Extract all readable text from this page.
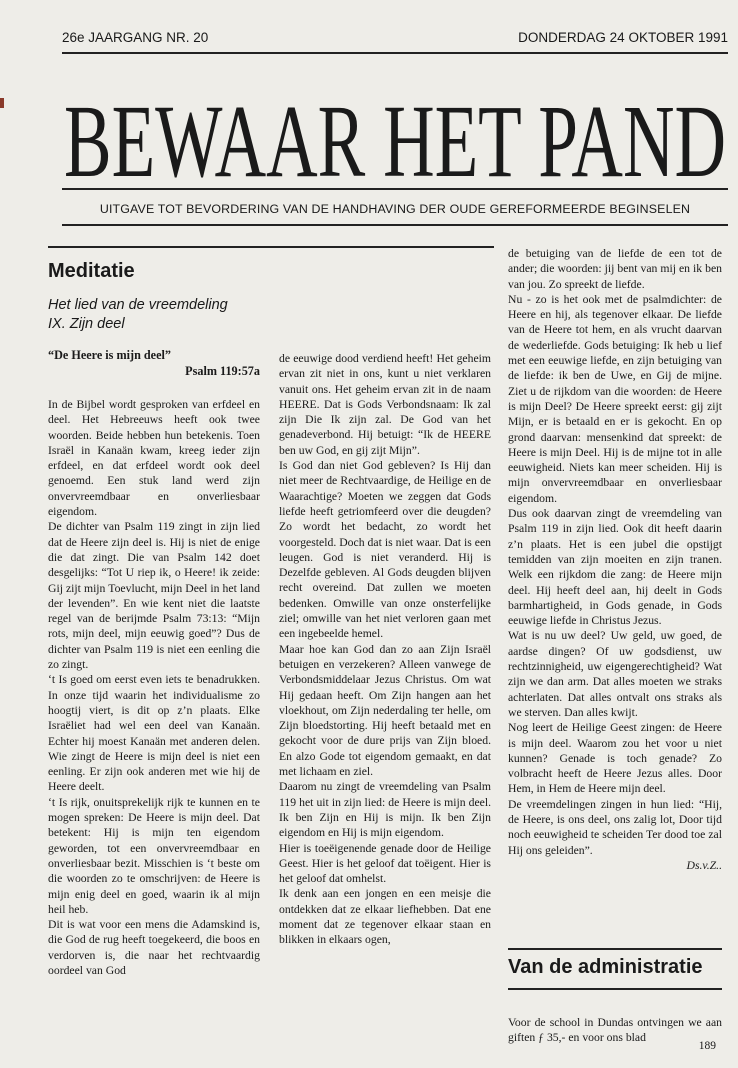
26e JAARGANG NR. 20	DONDERDAG 24 OKTOBER 1991
BEWAAR HET PAND
UITGAVE TOT BEVORDERING VAN DE HANDHAVING DER OUDE GEREFORMEERDE BEGINSELEN
Meditatie
Het lied van de vreemdeling
IX. Zijn deel
“De Heere is mijn deel”
Psalm 119:57a

In de Bijbel wordt gesproken van erfdeel en deel. Het Hebreeuws heeft ook twee woorden. Beide hebben hun betekenis. Toen Israël in Kanaän kwam, kreeg ieder zijn erfdeel, en dat erfdeel wordt ook deel genoemd. Een stuk land werd zijn onvervreemdbaar en onverliesbaar eigendom.

De dichter van Psalm 119 zingt in zijn lied dat de Heere zijn deel is. Hij is niet de enige die dat zingt. Die van Psalm 142 doet desgelijks: “Tot U riep ik, o Heere! ik zeide: Gij zijt mijn Toevlucht, mijn Deel in het land der levenden”. En wie kent niet die laatste regel van de berijmde Psalm 73:13: “Mijn rots, mijn deel, mijn eeuwig goed”? Dus de dichter van Psalm 119 is niet een eenling die zo zingt.

‘t Is goed om eerst even iets te benadrukken. In onze tijd waarin het individualisme zo hoogtij viert, is dit op z’n plaats. Elke Israëliet had wel een deel van Kanaän. Echter hij moest Kanaän met anderen delen. Wie zingt de Heere is mijn deel is niet een eenling. Er zijn ook anderen met wie hij de Heere deelt.

‘t Is rijk, onuitsprekelijk rijk te kunnen en te mogen spreken: De Heere is mijn deel. Dat betekent: Hij is mijn ten eigendom geworden, tot een onvervreemdbaar en onverliesbaar bezit. Misschien is ‘t beste om die woorden zo te omschrijven: de Heere is mijn enig deel en goed, waarin ik al mijn heil heb.

Dit is wat voor een mens die Adamskind is, die God de rug heeft toegekeerd, die boos en verdorven is, die naar het rechtvaardig oordeel van God

de eeuwige dood verdiend heeft! Het geheim ervan zit niet in ons, kunt u niet verklaren vanuit ons. Het geheim ervan zit in de naam HEERE. Dat is Gods Verbondsnaam: Ik zal zijn Die Ik zijn zal. De God van het genadeverbond. Hij betuigt: “Ik de HEERE ben uw God, en gij zijt Mijn”.

Is God dan niet God gebleven? Is Hij dan niet meer de Rechtvaardige, de Heilige en de Waarachtige? Moeten we zeggen dat Gods liefde heeft getriomfeerd over die deugden? Zo wordt het bedacht, zo wordt het voorgesteld. Doch dat is niet waar. Dat is een leugen. God is niet veranderd. Hij is Dezelfde gebleven. Al Gods deugden blijven recht overeind. Dat zullen we moeten bedenken. Omwille van onze onsterfelijke ziel; omwille van het niet verloren gaan met een ingebeelde hemel.

Maar hoe kan God dan zo aan Zijn Israël betuigen en verzekeren? Alleen vanwege de Verbondsmiddelaar Jezus Christus. Om wat Hij gedaan heeft. Om Zijn hangen aan het vloekhout, om Zijn nederdaling ter helle, om Zijn bloedstorting. Hij heeft betaald met en gekocht voor de dure prijs van Zijn bloed. En alzo Gode tot eigendom gemaakt, en dat met lichaam en ziel.

Daarom nu zingt de vreemdeling van Psalm 119 het uit in zijn lied: de Heere is mijn deel. Ik ben Zijn en Hij is mijn. Ik ben Zijn eigendom en Hij is mijn eigendom.

Hier is toeëigenende genade door de Heilige Geest. Hier is het geloof dat toëigent. Hier is het geloof dat omhelst.

Ik denk aan een jongen en een meisje die ontdekken dat ze elkaar liefhebben. Dat ene moment dat ze tegenover elkaar staan en blikken in elkaars ogen,

de betuiging van de liefde de een tot de ander; die woorden: jij bent van mij en ik ben van jou. Zo spreekt de liefde.

Nu - zo is het ook met de psalmdichter: de Heere en hij, als tegenover elkaar. De liefde van de Heere tot hem, en als vrucht daarvan de wederliefde. Gods betuiging: Ik heb u lief met een eeuwige liefde, en zijn betuiging van de liefde: ik ben de Uwe, en Gij de mijne. Ziet u de rijkdom van die woorden: de Heere is mijn Deel? De Heere spreekt eerst: gij zijt Mijn, er is betaald en er is gekocht. En op grond daarvan: mensenkind dat spreekt: de Heere is mijn Deel. Hij is de mijne tot in alle eeuwigheid. Niets kan meer scheiden. Hij is mijn onvervreemdbaar en onverliesbaar eigendom.

Dus ook daarvan zingt de vreemdeling van Psalm 119 in zijn lied. Ook dit heeft daarin z’n plaats. Het is een jubel die opstijgt temidden van zijn moeiten en zijn tranen. Welk een rijkdom die zang: de Heere mijn deel. Hij heeft deel aan, hij deelt in Gods barmhartigheid, in Gods genade, in Gods eeuwige liefde in Christus Jezus.

Wat is nu uw deel? Uw geld, uw goed, de aardse dingen? Of uw godsdienst, uw rechtzinnigheid, uw eigengerechtigheid? Wat zijn we dan arm. Dat alles moeten we straks achterlaten. Dat alles ontvalt ons straks als we sterven. Dan alles kwijt.

Nog leert de Heilige Geest zingen: de Heere is mijn deel. Waarom zou het voor u niet kunnen? Genade is toch genade? Zo volbracht heeft de Heere Jezus alles. Door Hem, in Hem de Heere mijn deel.

De vreemdelingen zingen in hun lied: “Hij, de Heere, is ons deel, ons zalig lot, Door tijd noch eeuwigheid te scheiden Ter dood toe zal Hij ons geleiden”.

Ds.v.Z..
Van de administratie
Voor de school in Dundas ontvingen we aan giften ƒ 35,- en voor ons blad
189
